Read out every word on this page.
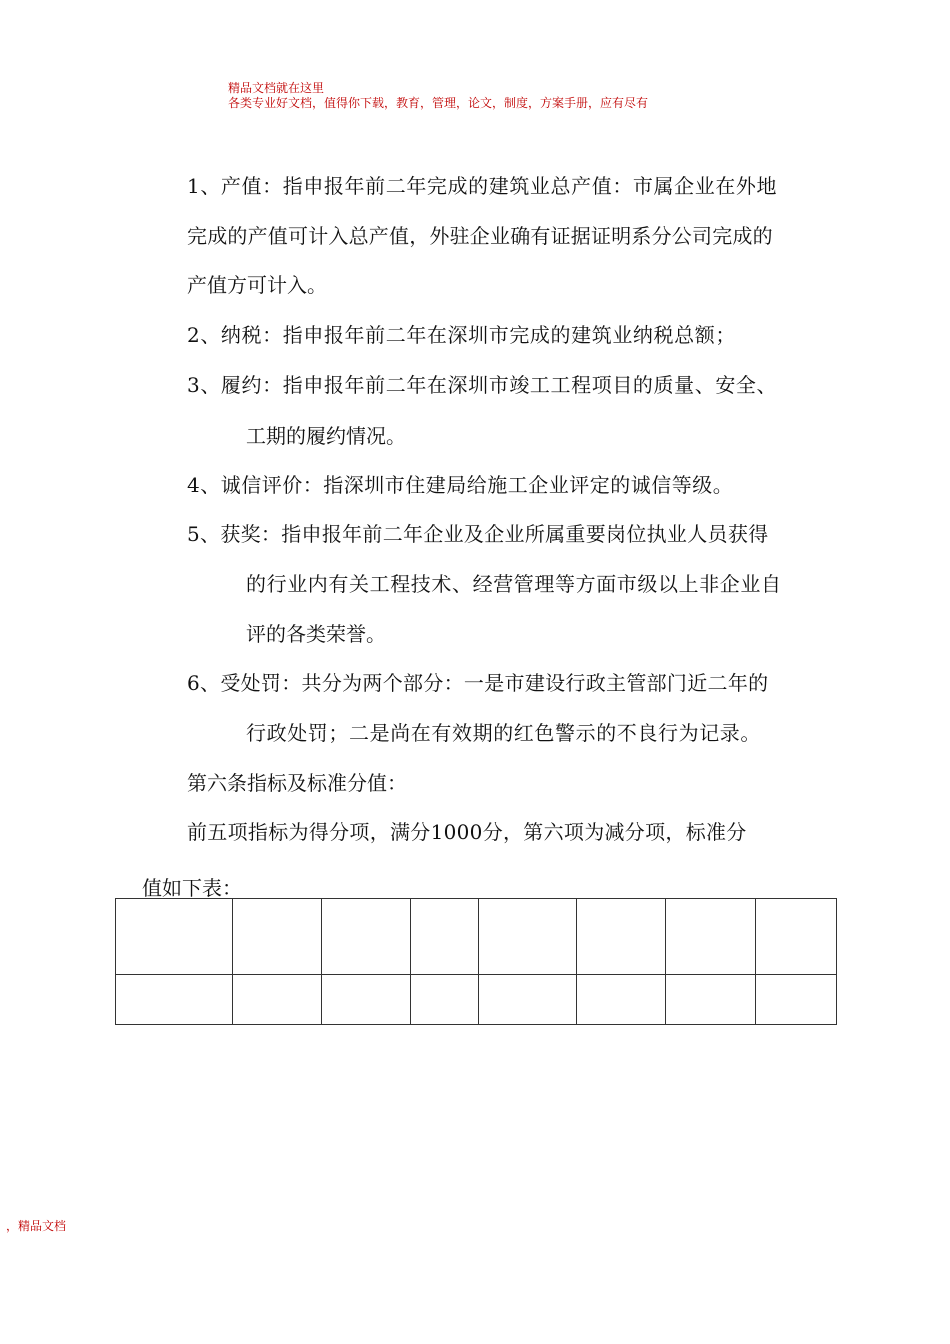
精品文档就在这里
各类专业好文档，值得你下载，教育，管理，论文，制度，方案手册，应有尽有
1、产值：指申报年前二年完成的建筑业总产值：市属企业在外地
完成的产值可计入总产值，外驻企业确有证据证明系分公司完成的
产值方可计入。
2、纳税：指申报年前二年在深圳市完成的建筑业纳税总额；
3、履约：指申报年前二年在深圳市竣工工程项目的质量、安全、
工期的履约情况。
4、诚信评价：指深圳市住建局给施工企业评定的诚信等级。
5、获奖：指申报年前二年企业及企业所属重要岗位执业人员获得
的行业内有关工程技术、经营管理等方面市级以上非企业自
评的各类荣誉。
6、受处罚：共分为两个部分：一是市建设行政主管部门近二年的
行政处罚；二是尚在有效期的红色警示的不良行为记录。
第六条指标及标准分值：
前五项指标为得分项，满分1000分，第六项为减分项，标准分
值如下表：

，精品文档
